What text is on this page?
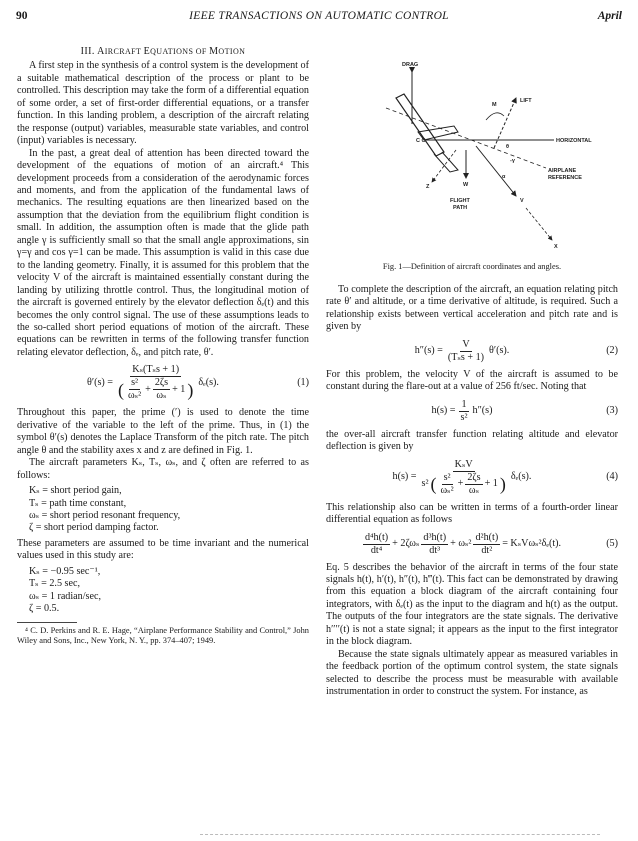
90	IEEE TRANSACTIONS ON AUTOMATIC CONTROL	April
III. AIRCRAFT EQUATIONS OF MOTION

A first step in the synthesis of a control system is the development of a suitable mathematical description of the process or plant to be controlled. This description may take the form of a differential equation of some order, a set of first-order differential equations, or a transfer function. In this landing problem, a description of the aircraft relating the response (output) variables, measurable state variables, and control (input) variables is necessary.

In the past, a great deal of attention has been directed toward the development of the equations of motion of an aircraft.⁴ This development proceeds from a consideration of the aerodynamic forces and moments, and from the application of the fundamental laws of mechanics. The resulting equations are then linearized based on the assumption that the deviation from the equilibrium flight condition is small. In addition, the assumption often is made that the glide path angle γ is sufficiently small so that the small angle approximations, sin γ=γ and cos γ=1 can be made. This assumption is valid in this case due to the landing geometry. Finally, it is assumed for this problem that the velocity V of the aircraft is maintained essentially constant during the landing by utilizing throttle control. Thus, the longitudinal motion of the aircraft is governed entirely by the elevator deflection δₑ(t) and this becomes the only control signal. The use of these assumptions leads to the so-called short period equations of motion of the aircraft. These equations can be rewritten in terms of the following transfer function relating elevator deflection, δₑ, and pitch rate, θ′.

θ′(s) =
Kₛ(Tₛs + 1)
( $\frac{\text{s²}}{\text{ωₛ²}} + \frac{2\zeta s}{\text{ωₛ}} + 1$ ) δₑ(s).	(1)

Throughout this paper, the prime (′) is used to denote the time derivative of the variable to the left of the prime. Thus, in (1) the symbol θ′(s) denotes the Laplace Transform of the pitch rate. The pitch angle θ and the stability axes x and z are defined in Fig. 1.

The aircraft parameters Kₛ, Tₛ, ωₛ, and ζ often are referred to as follows:

Kₛ = short period gain,
Tₛ = path time constant,
ωₛ = short period resonant frequency,
ζ = short period damping factor.

These parameters are assumed to be time invariant and the numerical values used in this study are:

Kₛ = −0.95 sec⁻¹,
Tₛ = 2.5 sec,
ωₛ = 1 radian/sec,
ζ = 0.5.

⁴ C. D. Perkins and R. E. Hage, “Airplane Performance Stability and Control,” John Wiley and Sons, Inc., New York, N. Y., pp. 374–407; 1949.

DRAG
LIFT
M
HORIZONTAL
C G
AIRPLANE
REFERENCE
θ
-γ
α
Z	W
V
FLIGHT
PATH
X
Fig. 1—Definition of aircraft coordinates and angles.

To complete the description of the aircraft, an equation relating pitch rate θ′ and altitude, or a time derivative of altitude, is required. Such a relationship exists between vertical acceleration and pitch rate and is given by

$h''(s) = \frac{V}{\text{(Tₛs + 1)}} \theta'(s)$.	(2)

For this problem, the velocity V of the aircraft is assumed to be constant during the flare-out at a value of 256 ft/sec. Noting that

$h(s) = \frac{1}{\text{s²}} h''(s)$	(3)

the over-all aircraft transfer function relating altitude and elevator deflection is given by

h(s) =
KₛV
s² ( $\frac{\text{s²}}{\text{ωₛ²}} + \frac{2\zeta s}{\text{ωₛ}} + 1$ ) δₑ(s).	(4)

This relationship also can be written in terms of a fourth-order linear differential equation as follows

$\frac{\text{d⁴h(t)}}{\text{dt⁴}} + 2\zeta\omega_s \frac{\text{d³h(t)}}{\text{dt³}} + \omega_s^2 \frac{\text{d²h(t)}}{\text{dt²}} = K_sV\omega_s^2\delta_e(t)$.	(5)

Eq. 5 describes the behavior of the aircraft in terms of the four state signals h(t), h′(t), h″(t), h‴(t). This fact can be demonstrated by drawing from this equation a block diagram of the aircraft containing four integrators, with δₑ(t) as the input to the diagram and h(t) as the output. The outputs of the four integrators are the state signals. The derivative h′′′′(t) is not a state signal; it appears as the input to the first integrator in the block diagram.

Because the state signals ultimately appear as measured variables in the feedback portion of the optimum control system, the state signals selected to describe the process must be measurable with available instrumentation in order to construct the system. For instance, as
